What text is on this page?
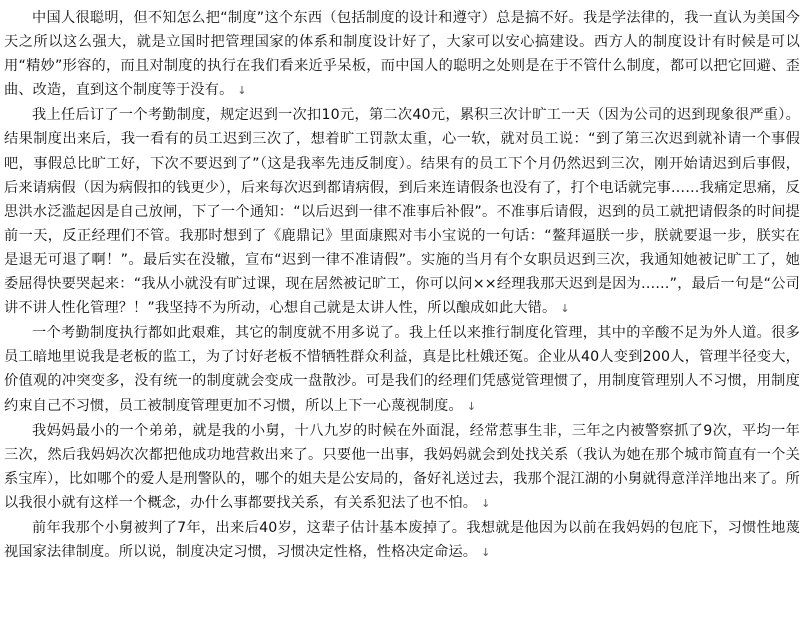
中国人很聪明，但不知怎么把“制度”这个东西（包括制度的设计和遵守）总是搞不好。我是学法律的，我一直认为美国今天之所以这么强大，就是立国时把管理国家的体系和制度设计好了，大家可以安心搞建设。西方人的制度设计有时候是可以用“精妙”形容的，而且对制度的执行在我们看来近乎呆板，而中国人的聪明之处则是在于不管什么制度，都可以把它回避、歪曲、改造，直到这个制度等于没有。 ↓

我上任后订了一个考勤制度，规定迟到一次扣10元，第二次40元，累积三次计旷工一天（因为公司的迟到现象很严重）。结果制度出来后，我一看有的员工迟到三次了，想着旷工罚款太重，心一软，就对员工说：“到了第三次迟到就补请一个事假吧，事假总比旷工好，下次不要迟到了”（这是我率先违反制度）。结果有的员工下个月仍然迟到三次，刚开始请迟到后事假，后来请病假（因为病假扣的钱更少），后来每次迟到都请病假，到后来连请假条也没有了，打个电话就完事……我痛定思痛，反思洪水泛滥起因是自己放闸，下了一个通知：“以后迟到一律不准事后补假”。不准事后请假，迟到的员工就把请假条的时间提前一天，反正经理们不管。我那时想到了《鹿鼎记》里面康熙对韦小宝说的一句话：“鳌拜逼朕一步，朕就要退一步，朕实在是退无可退了啊！”。最后实在没辙，宣布“迟到一律不准请假”。实施的当月有个女职员迟到三次，我通知她被记旷工了，她委屈得快要哭起来：“我从小就没有旷过课，现在居然被记旷工，你可以问××经理我那天迟到是因为……”，最后一句是“公司讲不讲人性化管理？！”我坚持不为所动，心想自己就是太讲人性，所以酿成如此大错。 ↓

一个考勤制度执行都如此艰难，其它的制度就不用多说了。我上任以来推行制度化管理，其中的辛酸不足为外人道。很多员工暗地里说我是老板的监工，为了讨好老板不惜牺牲群众利益，真是比杜娥还冤。企业从40人变到200人，管理半径变大，价值观的冲突变多，没有统一的制度就会变成一盘散沙。可是我们的经理们凭感觉管理惯了，用制度管理别人不习惯，用制度约束自己不习惯，员工被制度管理更加不习惯，所以上下一心蔑视制度。 ↓

我妈妈最小的一个弟弟，就是我的小舅，十八九岁的时候在外面混，经常惹事生非，三年之内被警察抓了9次，平均一年三次，然后我妈妈次次都把他成功地营救出来了。只要他一出事，我妈妈就会到处找关系（我认为她在那个城市简直有一个关系宝库），比如哪个的爱人是刑警队的，哪个的姐夫是公安局的，备好礼送过去，我那个混江湖的小舅就得意洋洋地出来了。所以我很小就有这样一个概念，办什么事都要找关系，有关系犯法了也不怕。 ↓

前年我那个小舅被判了7年，出来后40岁，这辈子估计基本废掉了。我想就是他因为以前在我妈妈的包庇下，习惯性地蔑视国家法律制度。所以说，制度决定习惯，习惯决定性格，性格决定命运。 ↓
